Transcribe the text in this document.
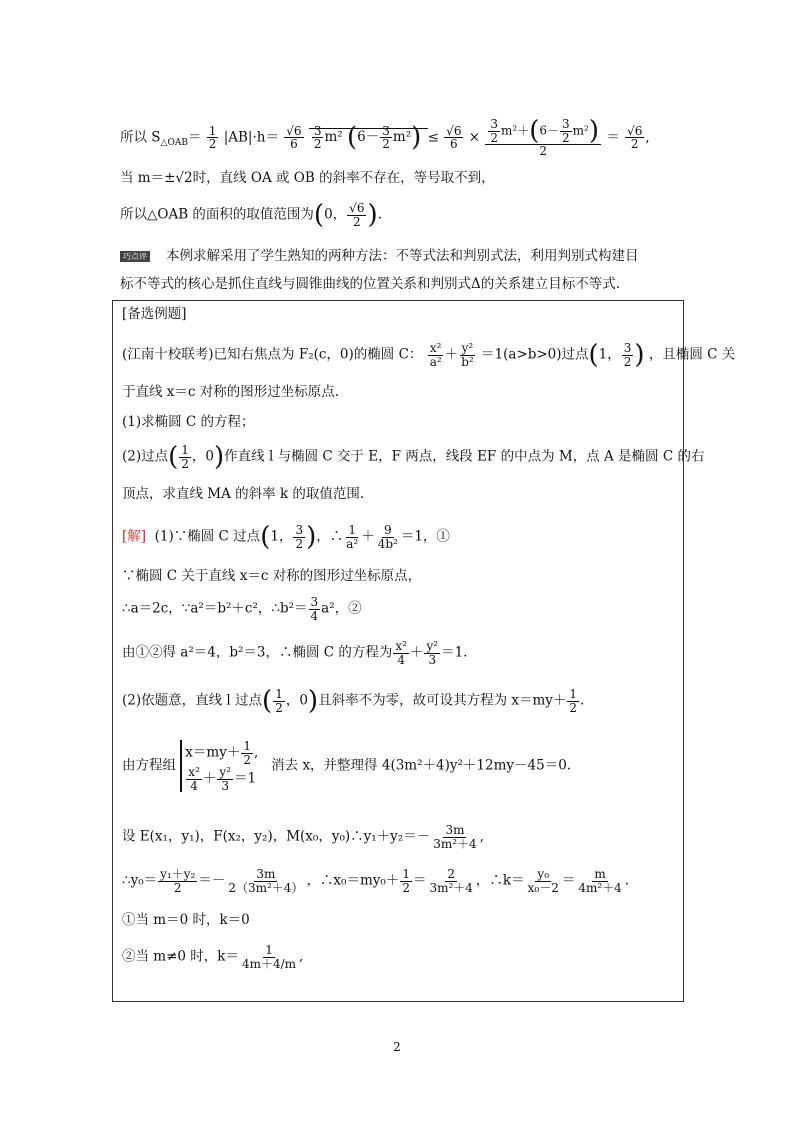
所以 $S_{\triangle OAB}= \frac{1}{2} |AB|\cdot h= \frac{√6}{6}$
$\frac{3}{2} m^2$ $(6- \frac{3}{2} m^2) \le \frac{√6}{6} \times \frac{\frac{3}{2} m^2+(6- \frac{3}{2} m^2)}{2} = \frac{√6}{2}$ ,
当 m＝±√2时，直线 OA 或 OB 的斜率不存在，等号取不到，
所以△OAB 的面积的取值范围为(0， $\frac{√6}{2}$ ).
巧点评 本例求解采用了学生熟知的两种方法：不等式法和判别式法，利用判别式构建目
标不等式的核心是抓住直线与圆锥曲线的位置关系和判别式Δ的关系建立目标不等式.
[备选例题]
(江南十校联考)已知右焦点为 F₂(c，0)的椭圆 C： $\frac{\text{x²}}{\text{a²}} + \frac{\text{y²}}{\text{b²}} =1(a>b>0)$过点(1， $\frac{3}{2}$ ) ，且椭圆 C 关
于直线 x＝c 对称的图形过坐标原点.
(1)求椭圆 C 的方程；
(2)过点( $\frac{1}{2}$ ，0)作直线 l 与椭圆 C 交于 E，F 两点，线段 EF 的中点为 M，点 A 是椭圆 C 的右
顶点，求直线 MA 的斜率 k 的取值范围.
[解] (1)∵椭圆 C 过点(1， $\frac{3}{2}$ )，∴ $\frac{1}{\text{a²}} + \frac{9}{\text{4b²}} =1$，①
∵椭圆 C 关于直线 x＝c 对称的图形过坐标原点，
∴a＝2c，∵a²＝b²＋c²，∴b²＝ $\frac{3}{4} a^2$，②
由①②得 a²＝4，b²＝3，∴椭圆 C 的方程为 $\frac{\text{x²}}{4} + \frac{\text{y²}}{3} =1$.
(2)依题意，直线 l 过点( $\frac{1}{2}$ ，0)且斜率不为零，故可设其方程为 $x=my+ \frac{1}{2}$ .
由方程组
$x=my+ \frac{1}{2}$ ,
$\frac{\text{x²}}{4} + \frac{\text{y²}}{3} =1$
消去 x，并整理得 4(3m²＋4)y²＋12my－45＝0.
设 E(x₁，y₁)，F(x₂，y₂)，M(x₀，y₀)∴y₁＋y₂＝－ $\frac{3m}{\text{3m²＋4}}$ ,
∴y₀＝ $\frac{\text{y₁＋y₂}}{2} =- \frac{3m}{\text{2（3m²＋4）}}$ ，∴x₀＝my₀＋ $\frac{1}{2} = \frac{2}{\text{3m²＋4}}$ ，∴k＝ $\frac{\text{y₀}}{\text{x₀－2}} = \frac{m}{\text{4m²＋4}}$ .
①当 m＝0 时，k＝0
②当 m≠0 时，$k= \frac{1}{4m+4/m}$ ,
2
